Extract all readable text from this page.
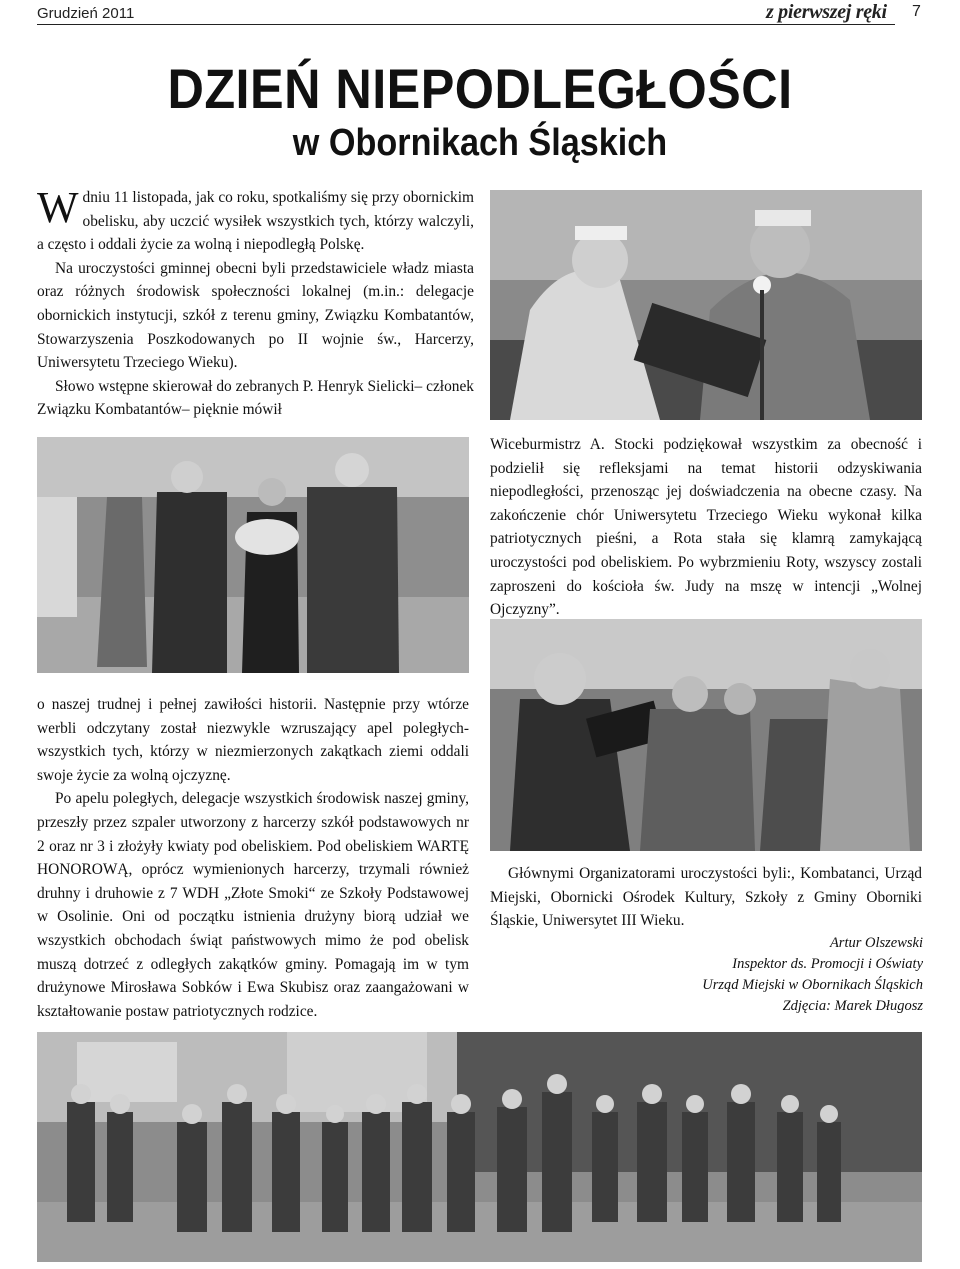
Grudzień 2011	z pierwszej ręki 7
DZIEŃ NIEPODLEGŁOŚCI
w Obornikach Śląskich

Wdniu 11 listopada, jak co roku, spotkaliśmy się przy obornickim obelisku, aby uczcić wysiłek wszystkich tych, którzy walczyli, a często i oddali życie za wolną i niepodległą Polskę.

Na uroczystości gminnej obecni byli przedstawiciele władz miasta oraz różnych środowisk społeczności lokalnej (m.in.: delegacje obornickich instytucji, szkół z terenu gminy, Związku Kombatantów, Stowarzyszenia Poszkodowanych po II wojnie św., Harcerzy, Uniwersytetu Trzeciego Wieku).

Słowo wstępne skierował do zebranych P. Henryk Sielicki– członek Związku Kombatantów– pięknie mówił

Wiceburmistrz A. Stocki podziękował wszystkim za obecność i podzielił się refleksjami na temat historii odzyskiwania niepodległości, przenosząc jej doświadczenia na obecne czasy. Na zakończenie chór Uniwersytetu Trzeciego Wieku wykonał kilka patriotycznych pieśni, a Rota stała się klamrą zamykającą uroczystości pod obeliskiem. Po wybrzmieniu Roty, wszyscy zostali zaproszeni do kościoła św. Judy na mszę w intencji „Wolnej Ojczyzny”.

o naszej trudnej i pełnej zawiłości historii. Następnie przy wtórze werbli odczytany został niezwykle wzruszający apel poległych-wszystkich tych, którzy w niezmierzonych zakątkach ziemi oddali swoje życie za wolną ojczyznę.

Po apelu poległych, delegacje wszystkich środowisk naszej gminy, przeszły przez szpaler utworzony z harcerzy szkół podstawowych nr 2 oraz nr 3 i złożyły kwiaty pod obeliskiem. Pod obeliskiem WARTĘ HONOROWĄ, oprócz wymienionych harcerzy, trzymali również druhny i druhowie z 7 WDH „Złote Smoki“ ze Szkoły Podstawowej w Osolinie. Oni od początku istnienia drużyny biorą udział we wszystkich obchodach świąt państwowych mimo że pod obelisk muszą dotrzeć z odległych zakątków gminy. Pomagają im w tym drużynowe Mirosława Sobków i Ewa Skubisz oraz zaangażowani w kształtowanie postaw patriotycznych rodzice.

Głównymi Organizatorami uroczystości byli:, Kombatanci, Urząd Miejski, Obornicki Ośrodek Kultury, Szkoły z Gminy Oborniki Śląskie, Uniwersytet III Wieku.

Artur Olszewski
Inspektor ds. Promocji i Oświaty
Urząd Miejski w Obornikach Śląskich
Zdjęcia: Marek Długosz
